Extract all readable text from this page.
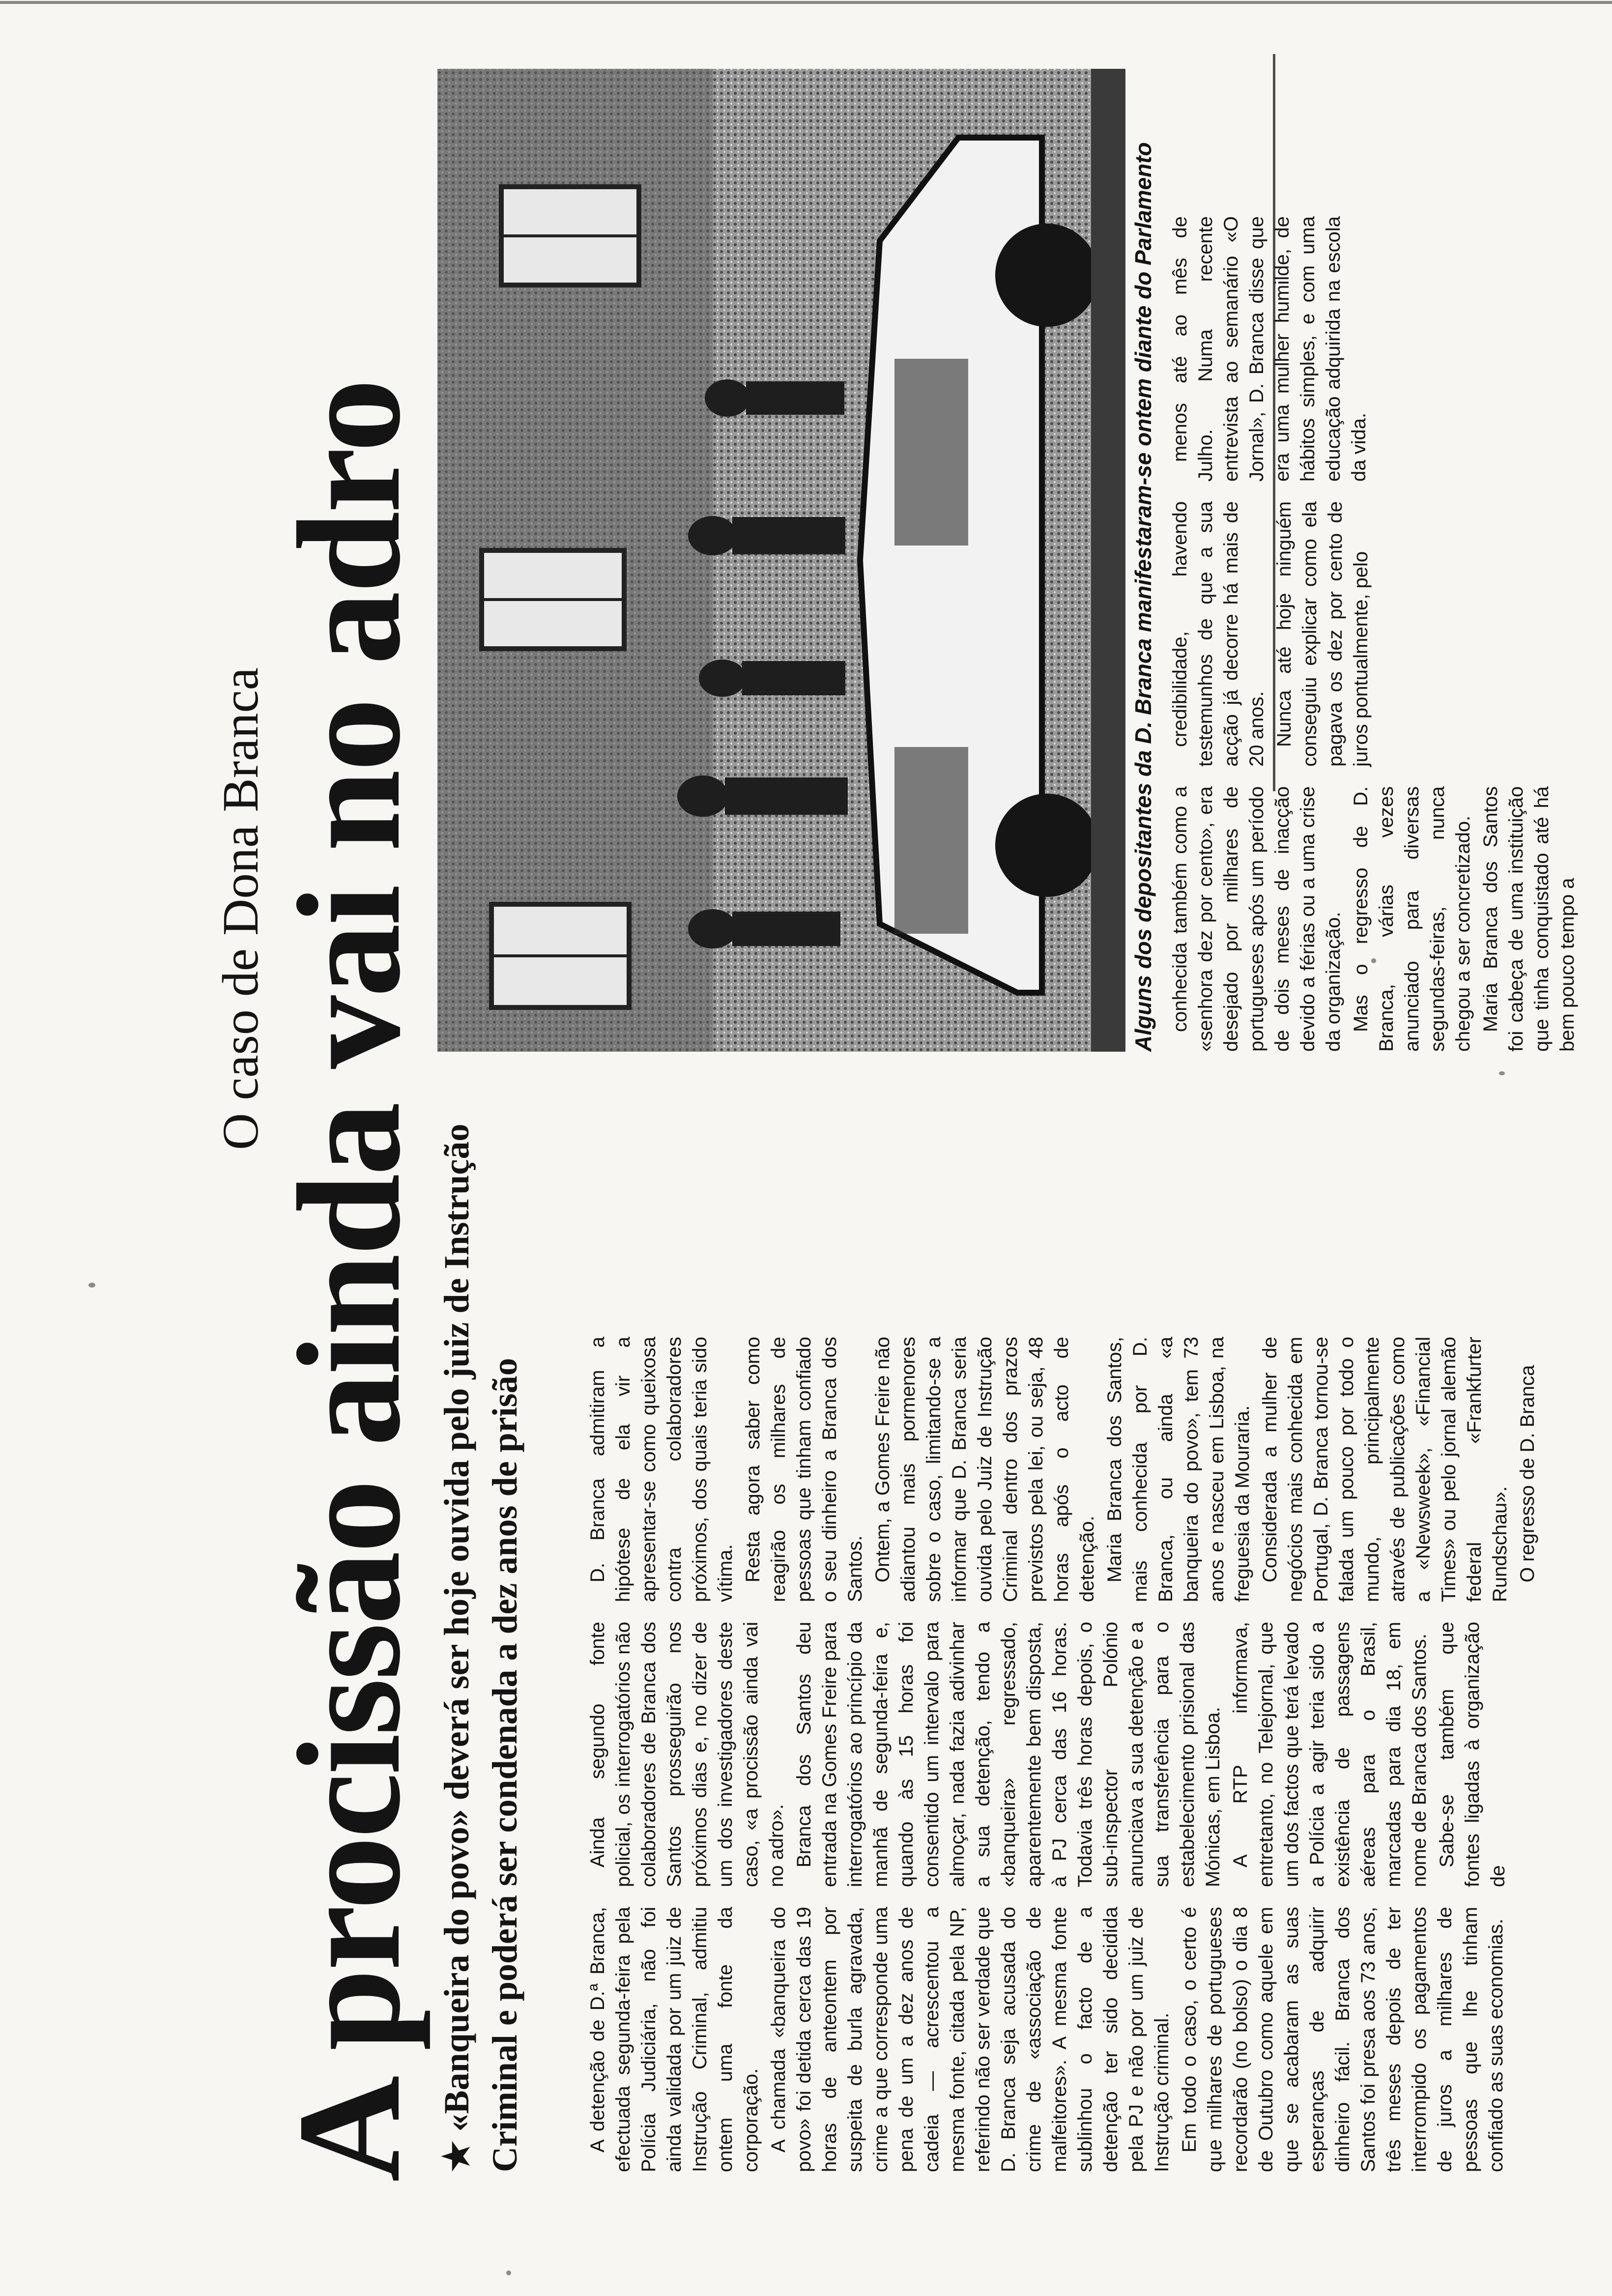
O caso de Dona Branca
A procissão ainda vai no adro ★«Banqueira do povo» deverá ser hoje ouvida pelo juiz de Instrução Criminal e poderá ser condenada a dez anos de prisão
Alguns dos depositantes da D. Branca manifestaram-se ontem diante do Parlamento

A detenção de D.ª Branca, efectuada segunda-feira pela Polícia Judiciária, não foi ainda validada por um juiz de Instrução Criminal, admitiu ontem uma fonte da corporação. A chamada «banqueira do povo» foi detida cerca das 19 horas de anteontem por suspeita de burla agravada, crime a que corresponde uma pena de um a dez anos de cadeia — acrescentou a mesma fonte, citada pela NP, referindo não ser verdade que D. Branca seja acusada do crime de «associação de malfeitores». A mesma fonte sublinhou o facto de a detenção ter sido decidida pela PJ e não por um juiz de Instrução criminal. Em todo o caso, o certo é que milhares de portugueses recordarão (no bolso) o dia 8 de Outubro como aquele em que se acabaram as suas esperanças de adquirir dinheiro fácil. Branca dos Santos foi presa aos 73 anos, três meses depois de ter interrompido os pagamentos de juros a milhares de pessoas que lhe tinham confiado as suas economias.

Ainda segundo fonte policial, os interrogatórios não colaboradores de Branca dos Santos prosseguirão nos próximos dias e, no dizer de um dos investigadores deste caso, «a procissão ainda vai no adro». Branca dos Santos deu entrada na Gomes Freire para interrogatórios ao princípio da manhã de segunda-feira e, quando às 15 horas foi consentido um intervalo para almoçar, nada fazia adivinhar a sua detenção, tendo a «banqueira» regressado, aparentemente bem disposta, à PJ cerca das 16 horas. Todavia três horas depois, o sub-inspector Polónio anunciava a sua detenção e a sua transferência para o estabelecimento prisional das Mónicas, em Lisboa. A RTP informava, entretanto, no Telejornal, que um dos factos que terá levado a Polícia a agir teria sido a existência de passagens aéreas para o Brasil, marcadas para dia 18, em nome de Branca dos Santos. Sabe-se também que fontes ligadas à organização de

D. Branca admitiram a hipótese de ela vir a apresentar-se como queixosa contra colaboradores próximos, dos quais teria sido vítima. Resta agora saber como reagirão os milhares de pessoas que tinham confiado o seu dinheiro a Branca dos Santos. Ontem, a Gomes Freire não adiantou mais pormenores sobre o caso, limitando-se a informar que D. Branca seria ouvida pelo Juiz de Instrução Criminal dentro dos prazos previstos pela lei, ou seja, 48 horas após o acto de detenção. Maria Branca dos Santos, mais conhecida por D. Branca, ou ainda «a banqueira do povo», tem 73 anos e nasceu em Lisboa, na freguesia da Mouraria. Considerada a mulher de negócios mais conhecida em Portugal, D. Branca tornou-se falada um pouco por todo o mundo, principalmente através de publicações como a «Newsweek», «Financial Times» ou pelo jornal alemão federal «Frankfurter Rundschau». O regresso de D. Branca

conhecida também como a «senhora dez por cento», era desejado por milhares de portugueses após um período de dois meses de inacção devido a férias ou a uma crise da organização. Mas o regresso de D. Branca, várias vezes anunciado para diversas segundas-feiras, nunca chegou a ser concretizado. Maria Branca dos Santos foi cabeça de uma instituição que tinha conquistado até há bem pouco tempo a

credibilidade, havendo testemunhos de que a sua acção já decorre há mais de 20 anos. Nunca até hoje ninguém conseguiu explicar como ela pagava os dez por cento de juros pontualmente, pelo

menos até ao mês de Julho. Numa recente entrevista ao semanário «O Jornal», D. Branca disse que era uma mulher humilde, de hábitos simples, e com uma educação adquirida na escola da vida.
